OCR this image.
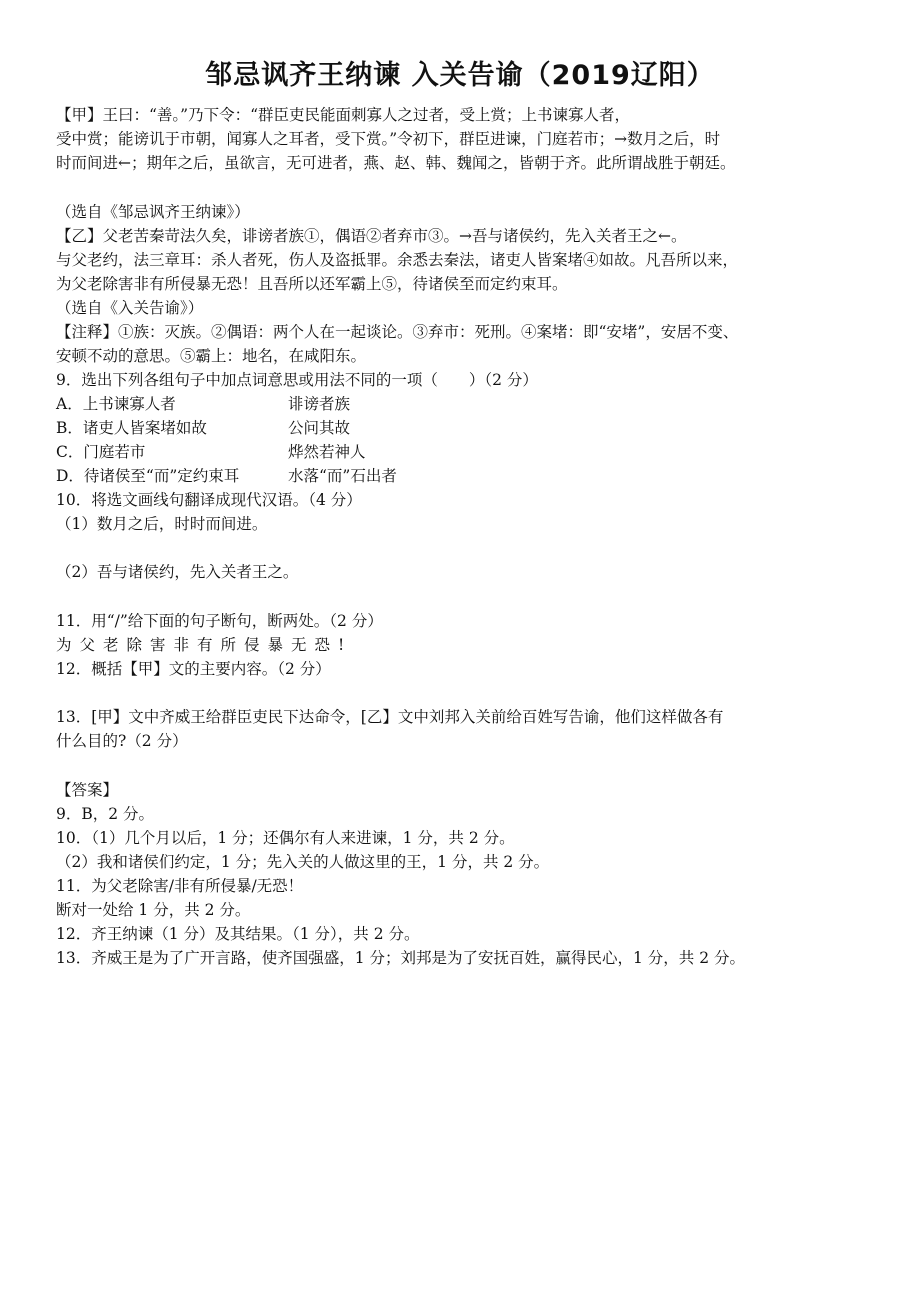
邹忌讽齐王纳谏 入关告谕（2019辽阳）
【甲】王曰：“善。”乃下令：“群臣吏民能面刺寡人之过者，受上赏；上书谏寡人者，
受中赏；能谤讥于市朝，闻寡人之耳者，受下赏。”令初下，群臣进谏，门庭若市；→数月之后，时
时而间进←；期年之后，虽欲言，无可进者，燕、赵、韩、魏闻之，皆朝于齐。此所谓战胜于朝廷。
（选自《邹忌讽齐王纳谏》）
【乙】父老苦秦苛法久矣，诽谤者族①，偶语②者弃市③。→吾与诸侯约，先入关者王之←。
与父老约，法三章耳：杀人者死，伤人及盗抵罪。余悉去秦法，诸吏人皆案堵④如故。凡吾所以来，
为父老除害非有所侵暴无恐！且吾所以还军霸上⑤，待诸侯至而定约束耳。
（选自《入关告谕》）
【注释】①族：灭族。②偶语：两个人在一起谈论。③弃市：死刑。④案堵：即“安堵”，安居不变、
安顿不动的意思。⑤霸上：地名，在咸阳东。
9．选出下列各组句子中加点词意思或用法不同的一项（　　）（2 分）
A．上书谏寡人者	诽谤者族
B．诸吏人皆案堵如故	公问其故
C．门庭若市	烨然若神人
D．待诸侯至“而”定约束耳	水落“而”石出者
10．将选文画线句翻译成现代汉语。（4 分）
（1）数月之后，时时而间进。
（2）吾与诸侯约，先入关者王之。
11．用“/”给下面的句子断句，断两处。（2 分）
为父老除害非有所侵暴无恐!
12．概括【甲】文的主要内容。（2 分）
13．[甲】文中齐威王给群臣吏民下达命令，[乙】文中刘邦入关前给百姓写告谕，他们这样做各有
什么目的?（2 分）
【答案】
9．B，2 分。
10．（1）几个月以后，1 分；还偶尔有人来进谏，1 分，共 2 分。
（2）我和诸侯们约定，1 分；先入关的人做这里的王，1 分，共 2 分。
11．为父老除害/非有所侵暴/无恐！
断对一处给 1 分，共 2 分。
12．齐王纳谏（1 分）及其结果。（1 分），共 2 分。
13．齐威王是为了广开言路，使齐国强盛，1 分；刘邦是为了安抚百姓，赢得民心，1 分，共 2 分。
